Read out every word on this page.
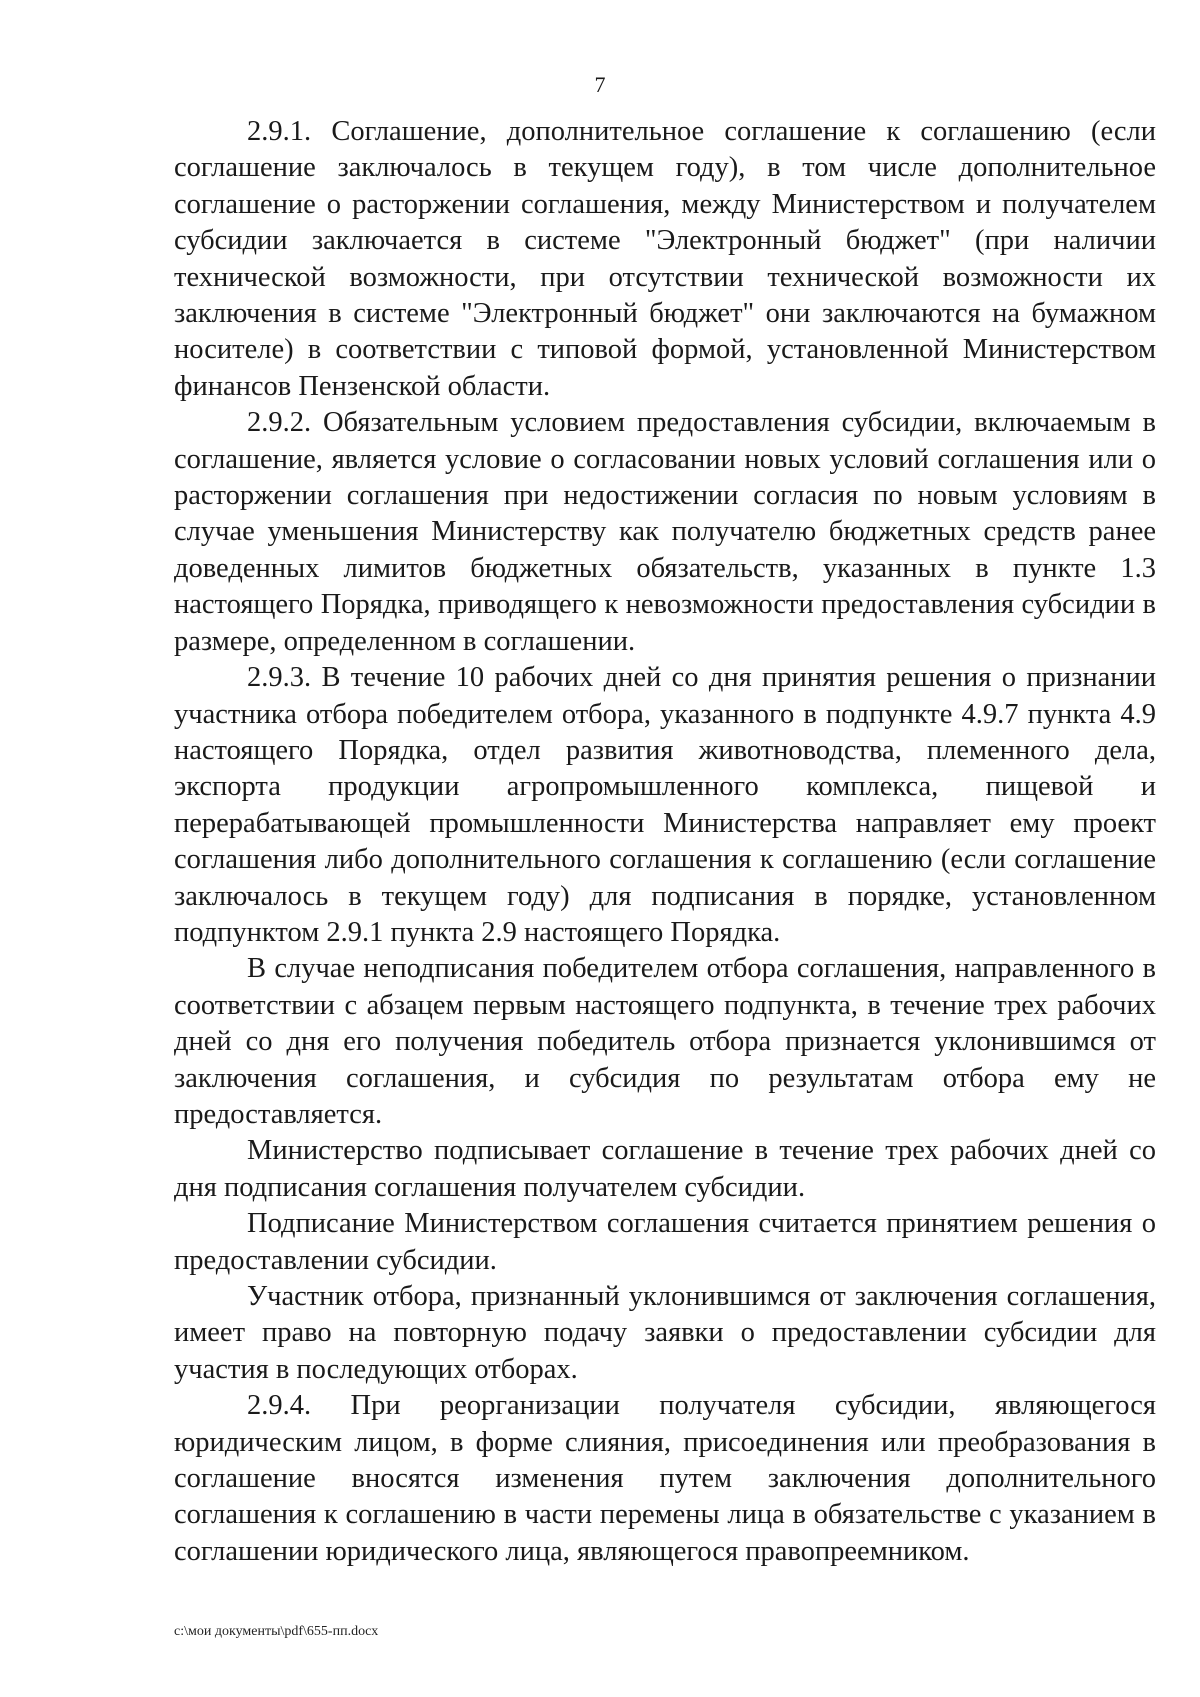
7

2.9.1. Соглашение, дополнительное соглашение к соглашению (если соглашение заключалось в текущем году), в том числе дополнительное соглашение о расторжении соглашения, между Министерством и получателем субсидии заключается в системе "Электронный бюджет" (при наличии технической возможности, при отсутствии технической возможности их заключения в системе "Электронный бюджет" они заключаются на бумажном носителе) в соответствии с типовой формой, установленной Министерством финансов Пензенской области.

2.9.2. Обязательным условием предоставления субсидии, включаемым в соглашение, является условие о согласовании новых условий соглашения или о расторжении соглашения при недостижении согласия по новым условиям в случае уменьшения Министерству как получателю бюджетных средств ранее доведенных лимитов бюджетных обязательств, указанных в пункте 1.3 настоящего Порядка, приводящего к невозможности предоставления субсидии в размере, определенном в соглашении.

2.9.3. В течение 10 рабочих дней со дня принятия решения о признании участника отбора победителем отбора, указанного в подпункте 4.9.7 пункта 4.9 настоящего Порядка, отдел развития животноводства, племенного дела, экспорта продукции агропромышленного комплекса, пищевой и перерабатывающей промышленности Министерства направляет ему проект соглашения либо дополнительного соглашения к соглашению (если соглашение заключалось в текущем году) для подписания в порядке, установленном подпунктом 2.9.1 пункта 2.9 настоящего Порядка.

В случае неподписания победителем отбора соглашения, направленного в соответствии с абзацем первым настоящего подпункта, в течение трех рабочих дней со дня его получения победитель отбора признается уклонившимся от заключения соглашения, и субсидия по результатам отбора ему не предоставляется.

Министерство подписывает соглашение в течение трех рабочих дней со дня подписания соглашения получателем субсидии.

Подписание Министерством соглашения считается принятием решения о предоставлении субсидии.

Участник отбора, признанный уклонившимся от заключения соглашения, имеет право на повторную подачу заявки о предоставлении субсидии для участия в последующих отборах.

2.9.4. При реорганизации получателя субсидии, являющегося юридическим лицом, в форме слияния, присоединения или преобразования в соглашение вносятся изменения путем заключения дополнительного соглашения к соглашению в части перемены лица в обязательстве с указанием в соглашении юридического лица, являющегося правопреемником.

c:\мои документы\pdf\655-пп.docx
